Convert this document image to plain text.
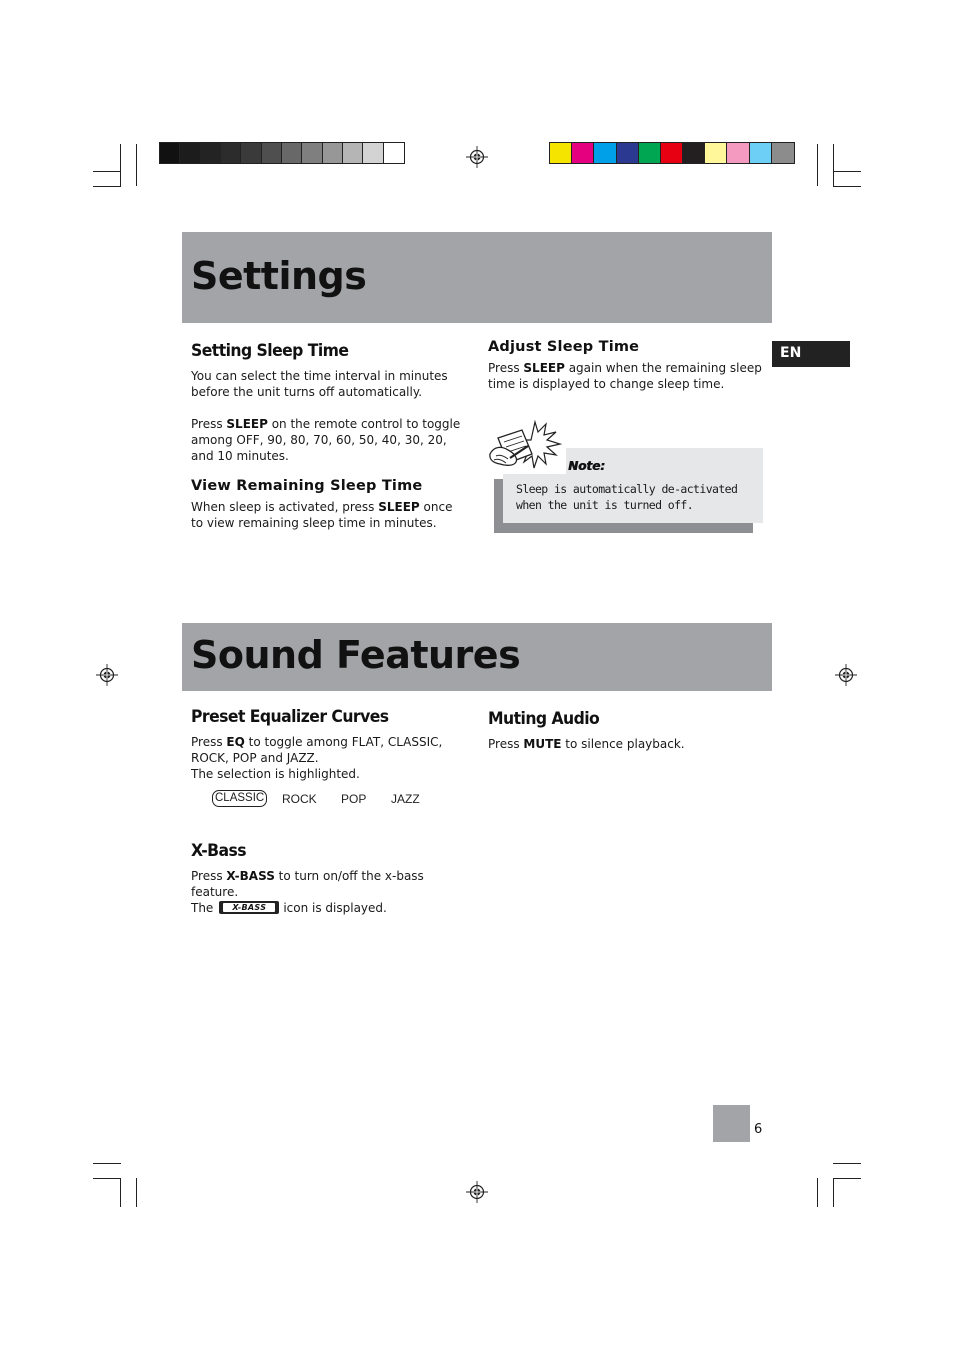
Settings
EN
Setting Sleep Time

You can select the time interval in minutes before the unit turns off automatically.

Press SLEEP on the remote control to toggle among OFF, 90, 80, 70, 60, 50, 40, 30, 20, and 10 minutes.

View Remaining Sleep Time

When sleep is activated, press SLEEP once to view remaining sleep time in minutes.

Adjust Sleep Time

Press SLEEP again when the remaining sleep time is displayed to change sleep time.

Note:
Sleep is automatically de-activated when the unit is turned off.
Sound Features
Preset Equalizer Curves

Press EQ to toggle among FLAT, CLASSIC, ROCK, POP and JAZZ.
The selection is highlighted.

CLASSIC ROCK POP JAZZ
X-Bass

Press X-BASS to turn on/off the x-bass feature.
The	X-BASS	icon is displayed.

Muting Audio

Press MUTE to silence playback.

6
